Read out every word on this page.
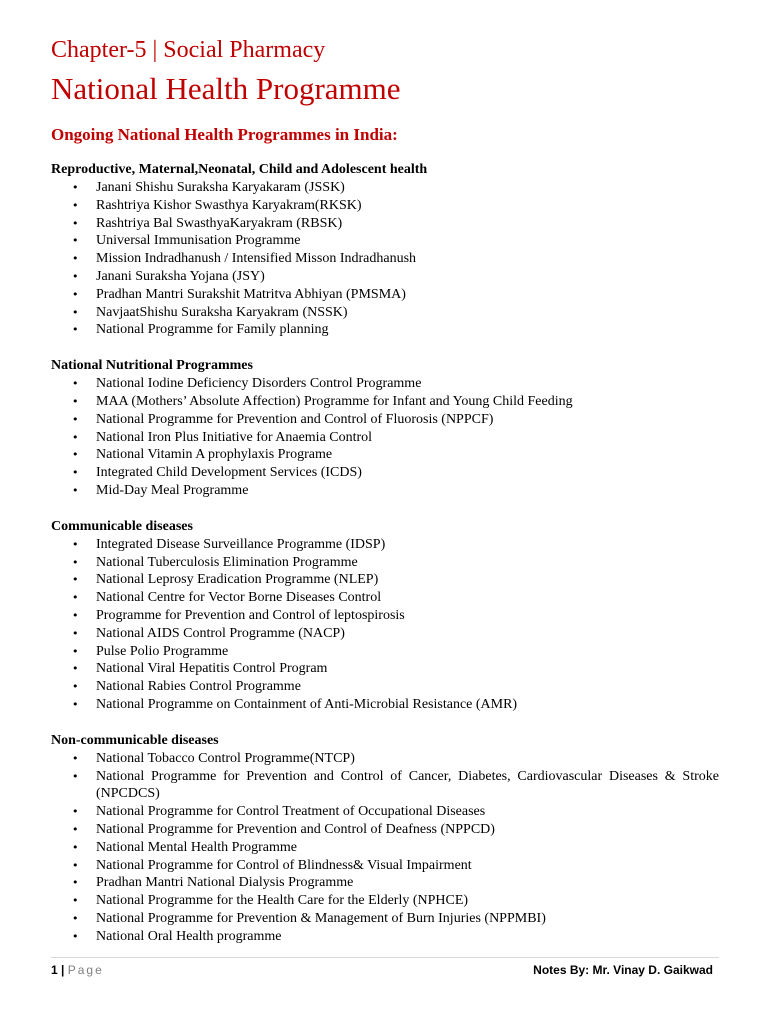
Chapter-5 | Social Pharmacy
National Health Programme
Ongoing National Health Programmes in India:
Reproductive, Maternal,Neonatal, Child and Adolescent health
• Janani Shishu Suraksha Karyakaram (JSSK)
• Rashtriya Kishor Swasthya Karyakram(RKSK)
• Rashtriya Bal SwasthyaKaryakram (RBSK)
• Universal Immunisation Programme
• Mission Indradhanush / Intensified Misson Indradhanush
• Janani Suraksha Yojana (JSY)
• Pradhan Mantri Surakshit Matritva Abhiyan (PMSMA)
• NavjaatShishu Suraksha Karyakram (NSSK)
• National Programme for Family planning
National Nutritional Programmes
• National Iodine Deficiency Disorders Control Programme
• MAA (Mothers’ Absolute Affection) Programme for Infant and Young Child Feeding
• National Programme for Prevention and Control of Fluorosis (NPPCF)
• National Iron Plus Initiative for Anaemia Control
• National Vitamin A prophylaxis Programe
• Integrated Child Development Services (ICDS)
• Mid-Day Meal Programme
Communicable diseases
• Integrated Disease Surveillance Programme (IDSP)
• National Tuberculosis Elimination Programme
• National Leprosy Eradication Programme (NLEP)
• National Centre for Vector Borne Diseases Control
• Programme for Prevention and Control of leptospirosis
• National AIDS Control Programme (NACP)
• Pulse Polio Programme
• National Viral Hepatitis Control Program
• National Rabies Control Programme
• National Programme on Containment of Anti-Microbial Resistance (AMR)
Non-communicable diseases
• National Tobacco Control Programme(NTCP)
• National Programme for Prevention and Control of Cancer, Diabetes, Cardiovascular Diseases & Stroke (NPCDCS)
• National Programme for Control Treatment of Occupational Diseases
• National Programme for Prevention and Control of Deafness (NPPCD)
• National Mental Health Programme
• National Programme for Control of Blindness& Visual Impairment
• Pradhan Mantri National Dialysis Programme
• National Programme for the Health Care for the Elderly (NPHCE)
• National Programme for Prevention & Management of Burn Injuries (NPPMBI)
• National Oral Health programme
1 | Page	Notes By: Mr. Vinay D. Gaikwad
